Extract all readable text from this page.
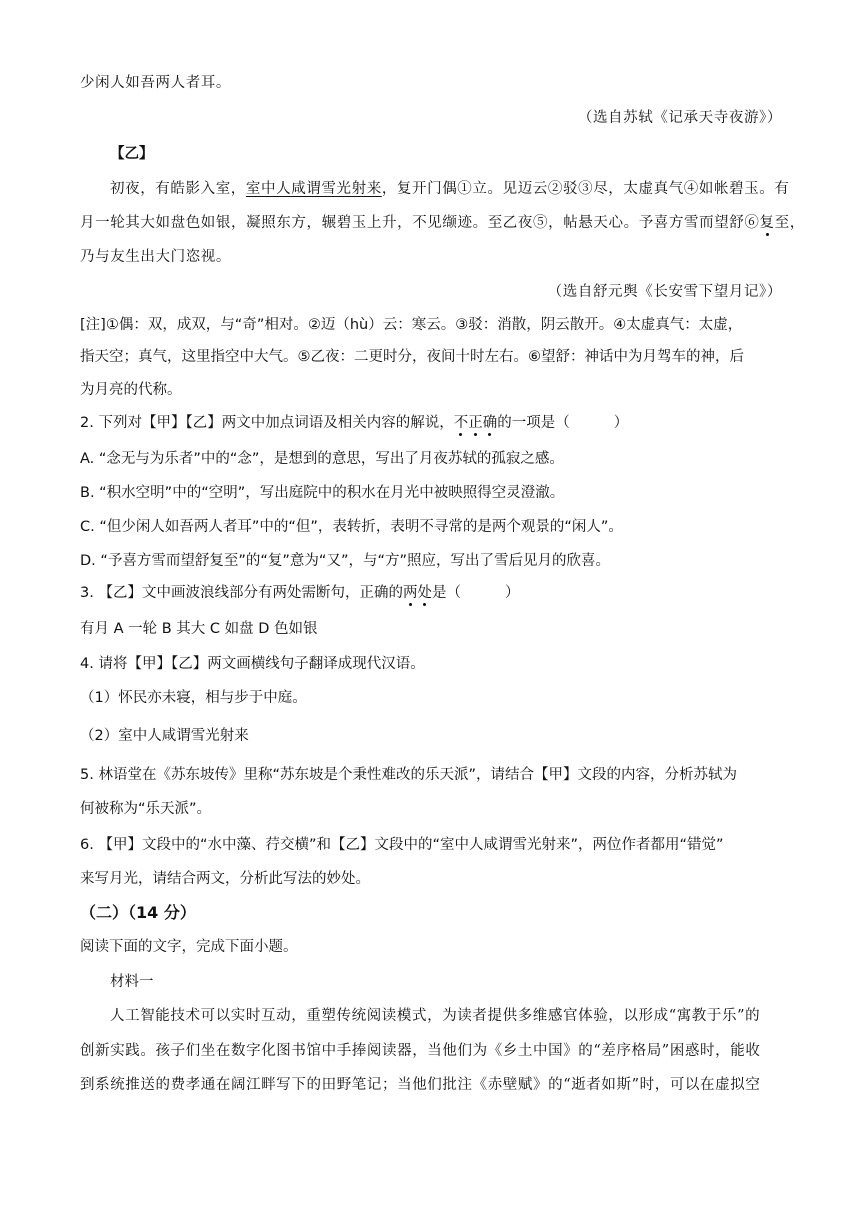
少闲人如吾两人者耳。
（选自苏轼《记承天寺夜游》）
【乙】
初夜，有皓影入室，室中人咸谓雪光射来，复开门偶①立。见迈云②驳③尽，太虚真气④如帐碧玉。有
月一轮其大如盘色如银，凝照东方，辗碧玉上升，不见缬迹。至乙夜⑤，帖悬天心。予喜方雪而望舒⑥复至，
乃与友生出大门恣视。
（选自舒元舆《长安雪下望月记》）
[注]①偶：双，成双，与“奇”相对。②迈（hù）云：寒云。③驳：消散，阴云散开。④太虚真气：太虚，
指天空；真气，这里指空中大气。⑤乙夜：二更时分，夜间十时左右。⑥望舒：神话中为月驾车的神，后
为月亮的代称。
2. 下列对【甲】【乙】两文中加点词语及相关内容的解说，不正确的一项是（	）
A. “念无与为乐者”中的“念”，是想到的意思，写出了月夜苏轼的孤寂之感。
B. “积水空明”中的“空明”，写出庭院中的积水在月光中被映照得空灵澄澈。
C. “但少闲人如吾两人者耳”中的“但”，表转折，表明不寻常的是两个观景的“闲人”。
D. “予喜方雪而望舒复至”的“复”意为“又”，与“方”照应，写出了雪后见月的欣喜。
3. 【乙】文中画波浪线部分有两处需断句，正确的两处是（	）
有月 A 一轮 B 其大 C 如盘 D 色如银
4. 请将【甲】【乙】两文画横线句子翻译成现代汉语。
（1）怀民亦未寝，相与步于中庭。
（2）室中人咸谓雪光射来
5. 林语堂在《苏东坡传》里称“苏东坡是个秉性难改的乐天派”，请结合【甲】文段的内容，分析苏轼为
何被称为“乐天派”。
6. 【甲】文段中的“水中藻、荇交横”和【乙】文段中的“室中人咸谓雪光射来”，两位作者都用“错觉”
来写月光，请结合两文，分析此写法的妙处。
（二）（14 分）
阅读下面的文字，完成下面小题。
材料一
人工智能技术可以实时互动，重塑传统阅读模式，为读者提供多维感官体验，以形成“寓教于乐”的
创新实践。孩子们坐在数字化图书馆中手捧阅读器，当他们为《乡土中国》的“差序格局”困惑时，能收
到系统推送的费孝通在阔江畔写下的田野笔记；当他们批注《赤壁赋》的“逝者如斯”时，可以在虚拟空
